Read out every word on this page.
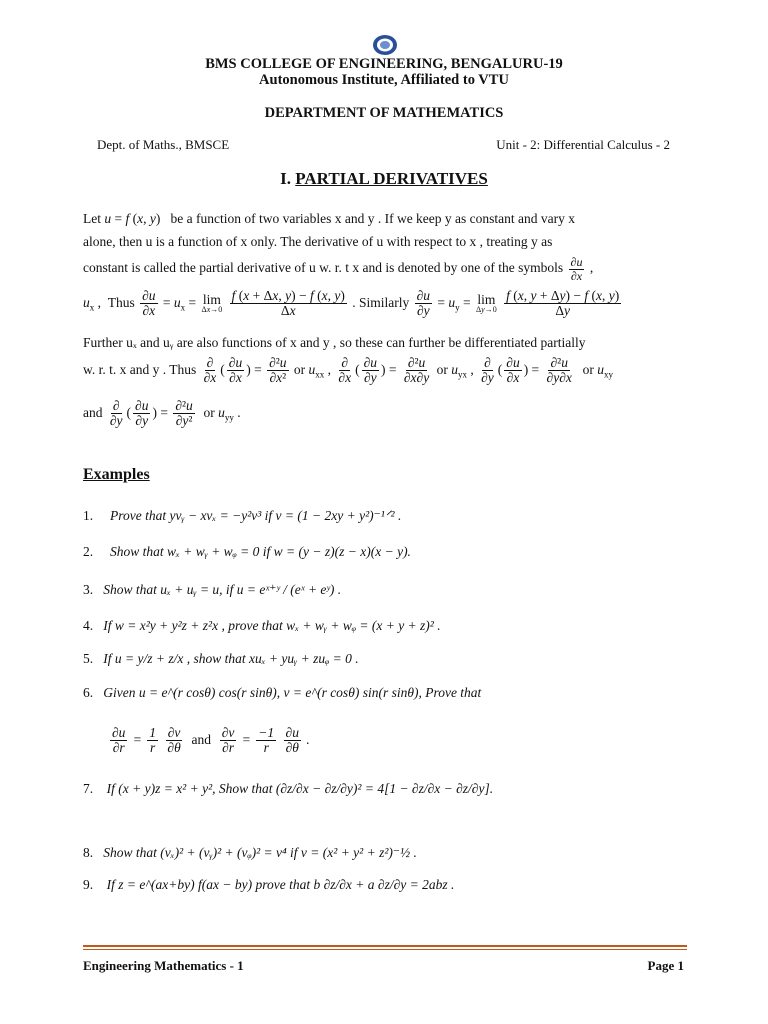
BMS COLLEGE OF ENGINEERING, BENGALURU-19
Autonomous Institute, Affiliated to VTU
DEPARTMENT OF MATHEMATICS
Dept. of Maths., BMSCE	Unit - 2: Differential Calculus - 2
I. PARTIAL DERIVATIVES
Let u = f (x, y)   be a function of two variables x and y . If we keep y as constant and vary x
alone, then u is a function of x only. The derivative of u with respect to x , treating y as
constant is called the partial derivative of u w. r. t x and is denoted by one of the symbols $\frac{\partial u}{\partial x}$ ,
$u_x$ ,  Thus $\frac{\partial u}{\partial x} = u_x = \lim$
Δx→0
$\frac{f (x + \Delta x, y) - f (x, y)}{\Delta x}$ . Similarly $\frac{\partial u}{\partial y} = u_y = \lim$
Δy→0
$\frac{f (x, y + \Delta y) - f (x, y)}{\Delta y}$
Further uₓ and uᵧ are also functions of x and y , so these can further be differentiated partially
w. r. t. x and y . Thus $\frac{\partial}{\partial x}$ ( $\frac{\partial u}{\partial x}$ ) = $\frac{\text{∂²u}}{\text{∂x²}}$ or $u_{xx}$ , $\frac{\partial}{\partial x}$ ( $\frac{\partial u}{\partial y}$ ) = $\frac{\text{∂²u}}{\partial x\partial y}$ or $u_{yx}$ , $\frac{\partial}{\partial y}$ ( $\frac{\partial u}{\partial x}$ ) = $\frac{\text{∂²u}}{\partial y\partial x}$ or $u_{xy}$
and $\frac{\partial}{\partial y}$ ( $\frac{\partial u}{\partial y}$ ) = $\frac{\text{∂²u}}{\text{∂y²}}$ or $u_{yy}$ .
Examples
1. Prove that yvᵧ − xvₓ = −y²v³ if v = (1 − 2xy + y²)⁻¹ᐟ² .
2. Show that wₓ + wᵧ + wᵩ = 0 if w = (y − z)(z − x)(x − y).
3. Show that uₓ + uᵧ = u, if u = eˣ⁺ʸ / (eˣ + eʸ) .
4. If w = x²y + y²z + z²x , prove that wₓ + wᵧ + wᵩ = (x + y + z)² .
5. If u = y/z + z/x , show that xuₓ + yuᵧ + zuᵩ = 0 .
6. Given u = e^(r cosθ) cos(r sinθ), v = e^(r cosθ) sin(r sinθ), Prove that
$\frac{\partial u}{\partial r} = \frac{1}{r}$
$\frac{\partial v}{\partial\theta}$ and $\frac{\partial v}{\partial r} = \frac{-1}{r}$
$\frac{\partial u}{\partial\theta}$ .
7. If (x + y)z = x² + y², Show that (∂z/∂x − ∂z/∂y)² = 4[1 − ∂z/∂x − ∂z/∂y].
8. Show that (vₓ)² + (vᵧ)² + (vᵩ)² = v⁴ if v = (x² + y² + z²)⁻½ .
9. If z = e^(ax+by) f(ax − by) prove that b ∂z/∂x + a ∂z/∂y = 2abz .
Engineering Mathematics - 1	Page 1
